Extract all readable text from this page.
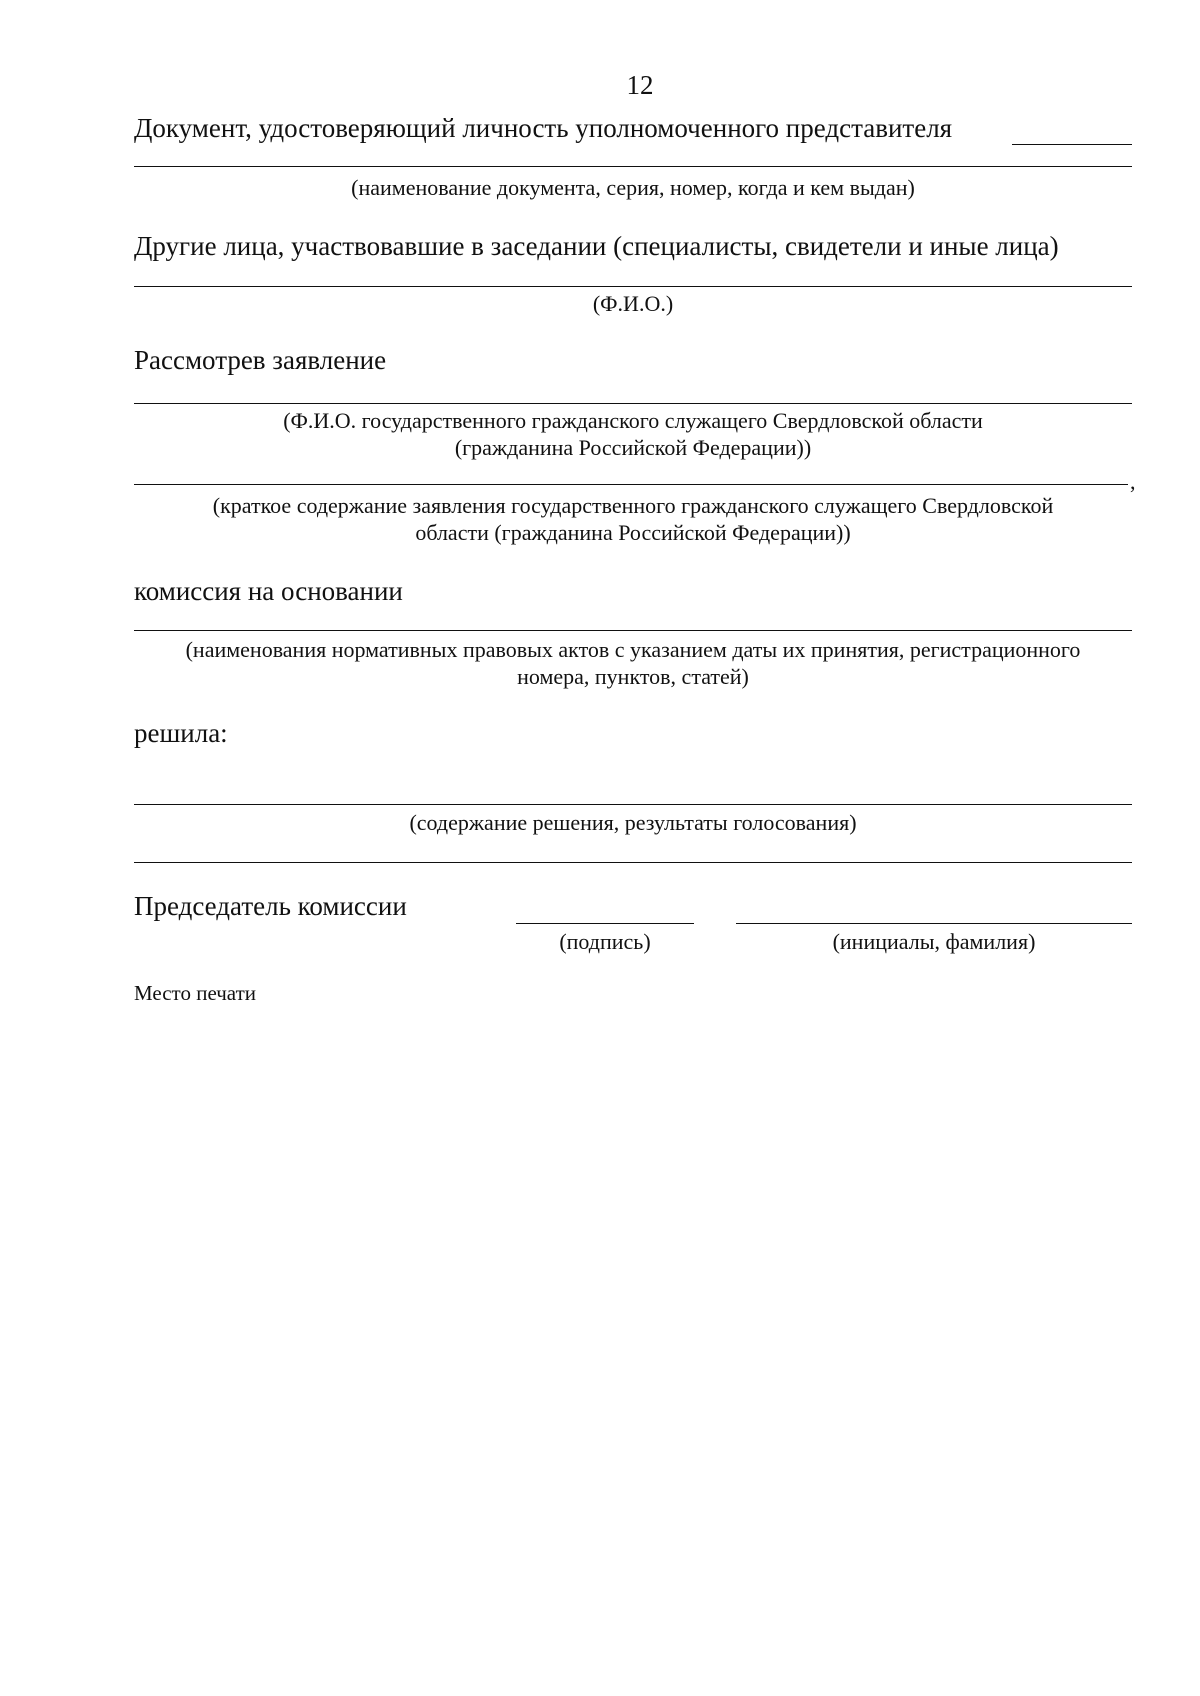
12
Документ, удостоверяющий личность уполномоченного представителя
(наименование документа, серия, номер, когда и кем выдан)
Другие лица, участвовавшие в заседании (специалисты, свидетели и иные лица)
(Ф.И.О.)
Рассмотрев заявление
(Ф.И.О. государственного гражданского служащего Свердловской области
(гражданина Российской Федерации))
,
(краткое содержание заявления государственного гражданского служащего Свердловской
области (гражданина Российской Федерации))
комиссия на основании
(наименования нормативных правовых актов с указанием даты их принятия, регистрационного
номера, пунктов, статей)
решила:
(содержание решения, результаты голосования)
Председатель комиссии
(подпись)	(инициалы, фамилия)
Место печати
